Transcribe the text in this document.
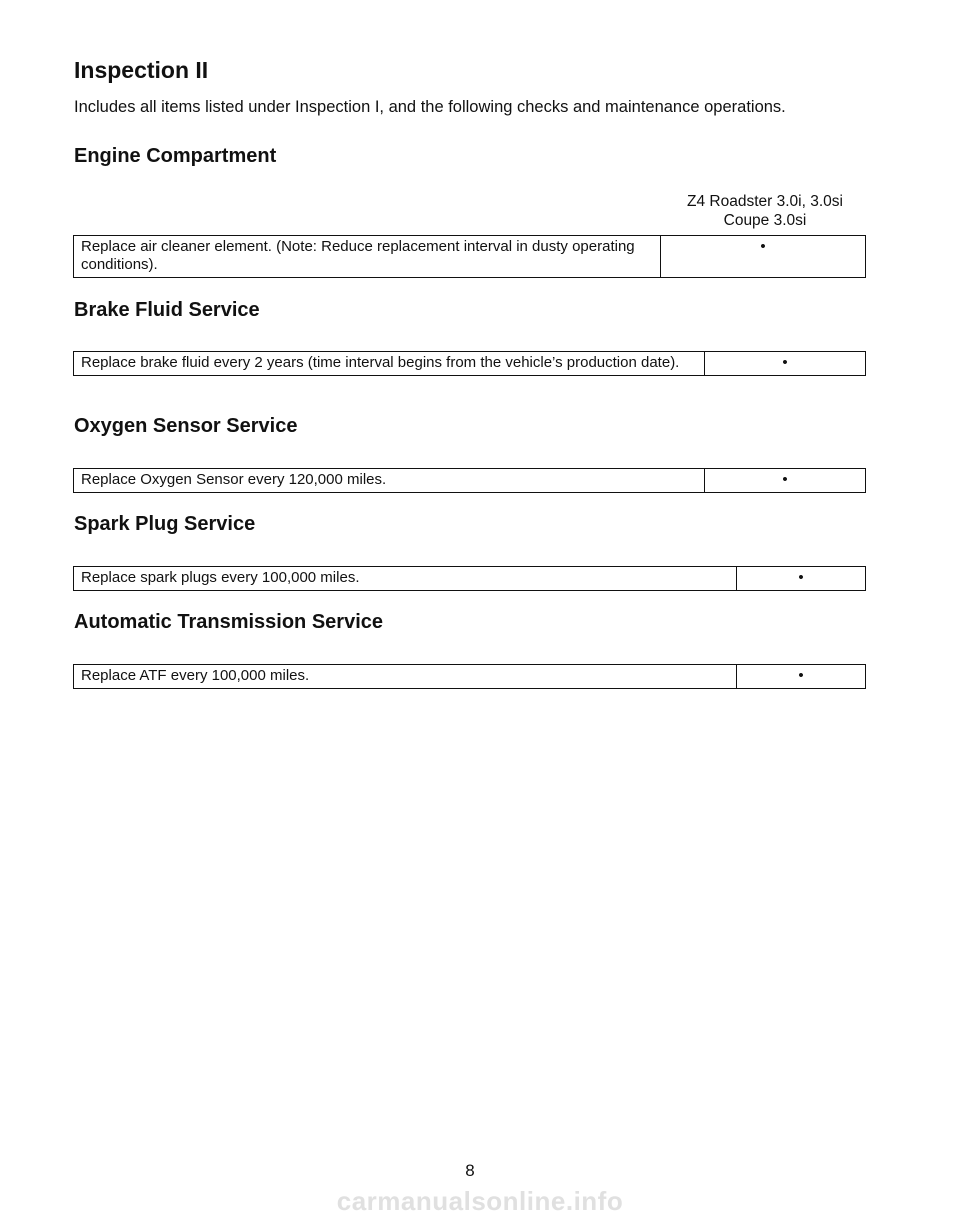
Inspection II

Includes all items listed under Inspection I, and the following checks and maintenance operations.

Engine Compartment
Z4 Roadster 3.0i, 3.0si
Coupe 3.0si
Replace air cleaner element. (Note: Reduce replacement interval in dusty operating conditions).	•
Brake Fluid Service
Replace brake fluid every 2 years (time interval begins from the vehicle’s production date).	•
Oxygen Sensor Service
Replace Oxygen Sensor every 120,000 miles.	•
Spark Plug Service
Replace spark plugs every 100,000 miles.	•
Automatic Transmission Service
Replace ATF every 100,000 miles.	•
8
carmanualsonline.info
